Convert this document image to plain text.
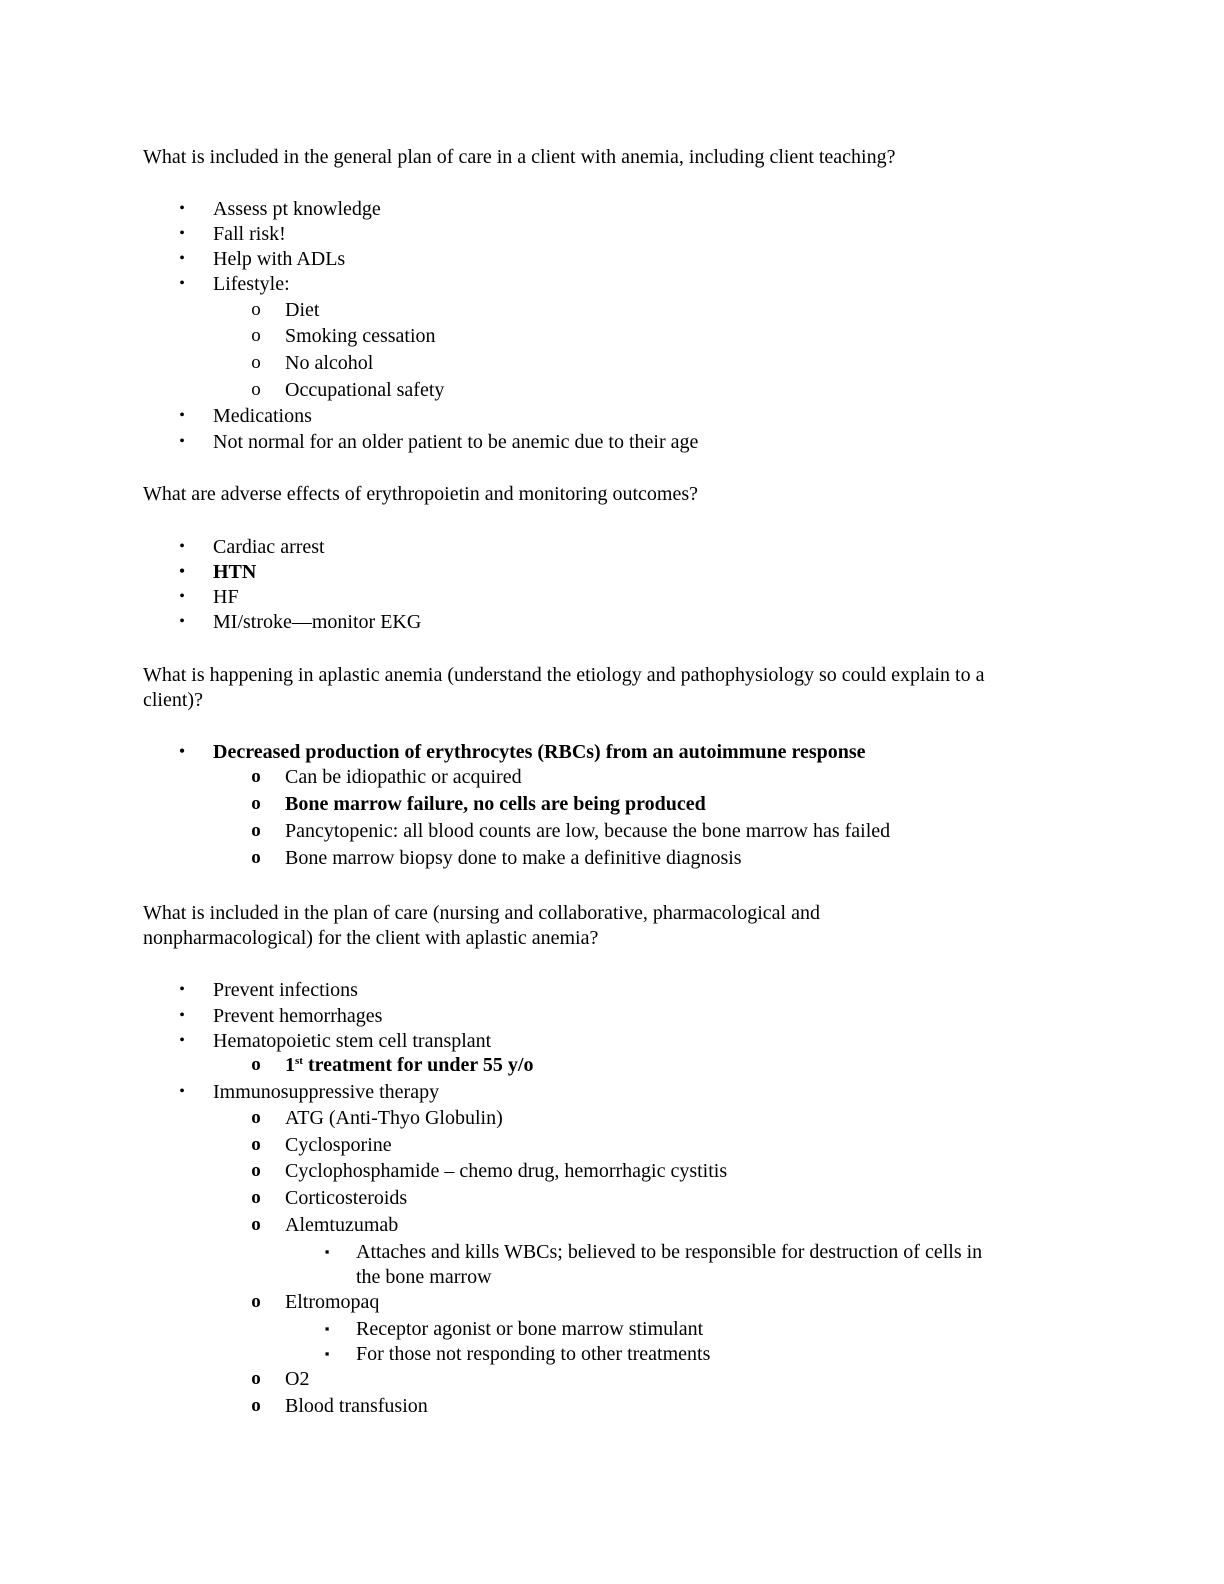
What is included in the general plan of care in a client with anemia, including client teaching?
• Assess pt knowledge
• Fall risk!
• Help with ADLs
• Lifestyle:
o Diet
o Smoking cessation
o No alcohol
o Occupational safety
• Medications
• Not normal for an older patient to be anemic due to their age
What are adverse effects of erythropoietin and monitoring outcomes?
• Cardiac arrest
• HTN
• HF
• MI/stroke—monitor EKG
What is happening in aplastic anemia (understand the etiology and pathophysiology so could explain to a
client)?
• Decreased production of erythrocytes (RBCs) from an autoimmune response
o Can be idiopathic or acquired
o Bone marrow failure, no cells are being produced
o Pancytopenic: all blood counts are low, because the bone marrow has failed
o Bone marrow biopsy done to make a definitive diagnosis
What is included in the plan of care (nursing and collaborative, pharmacological and
nonpharmacological) for the client with aplastic anemia?
• Prevent infections
• Prevent hemorrhages
• Hematopoietic stem cell transplant
o 1st treatment for under 55 y/o
• Immunosuppressive therapy
o ATG (Anti-Thyo Globulin)
o Cyclosporine
o Cyclophosphamide – chemo drug, hemorrhagic cystitis
o Corticosteroids
o Alemtuzumab
▪ Attaches and kills WBCs; believed to be responsible for destruction of cells in
the bone marrow
o Eltromopaq
▪ Receptor agonist or bone marrow stimulant
▪ For those not responding to other treatments
o O2
o Blood transfusion
